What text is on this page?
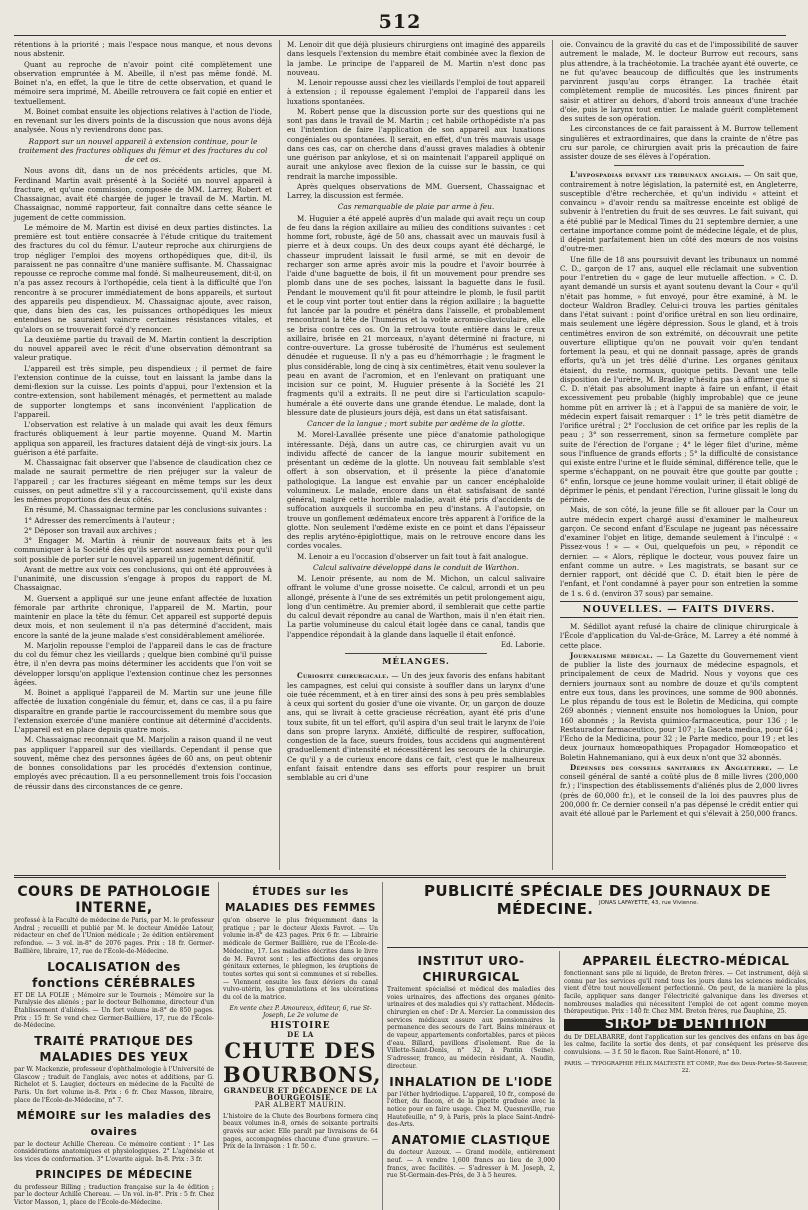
512

rétentions à la priorité ; mais l'espace nous manque, et nous devons nous abstenir.

Quant au reproche de n'avoir point cité complètement une observation empruntée à M. Abeille, il n'est pas même fondé. M. Boinet n'a, en effet, la que le titre de cette observation, et quand le mémoire sera imprimé, M. Abeille retrouvera ce fait copié en entier et textuellement.

M. Boinet combat ensuite les objections relatives à l'action de l'iode, en revenant sur les divers points de la discussion que nous avons déjà analysée. Nous n'y reviendrons donc pas.

Rapport sur un nouvel appareil à extension continue, pour le traitement des fractures obliques du fémur et des fractures du col de cet os.

Nous avons dit, dans un de nos précédents articles, que M. Ferdinand Martin avait présenté à la Société un nouvel appareil à fracture, et qu'une commission, composée de MM. Larrey, Robert et Chassaignac, avait été chargée de juger le travail de M. Martin. M. Chassaignac, nommé rapporteur, fait connaître dans cette séance le jugement de cette commission.

Le mémoire de M. Martin est divisé en deux parties distinctes. La première est tout entière consacrée à l'étude critique du traitement des fractures du col du fémur. L'auteur reproche aux chirurgiens de trop négliger l'emploi des moyens orthopédiques que, dit-il, ils paraissent ne pas connaître d'une manière suffisante. M. Chassaignac repousse ce reproche comme mal fondé. Si malheureusement, dit-il, on n'a pas assez recours à l'orthopédie, cela tient à la difficulté que l'on rencontre à se procurer immédiatement de bons appareils, et surtout des appareils peu dispendieux. M. Chassaignac ajoute, avec raison, que, dans bien des cas, les puissances orthopédiques les mieux entendues ne sauraient vaincre certaines résistances vitales, et qu'alors on se trouverait forcé d'y renoncer.

La deuxième partie du travail de M. Martin contient la description du nouvel appareil avec le récit d'une observation démontrant sa valeur pratique.

L'appareil est très simple, peu dispendieux ; il permet de faire l'extension continue de la cuisse, tout en laissant la jambe dans la demi-flexion sur la cuisse. Les points d'appui, pour l'extension et la contre-extension, sont habilement ménagés, et permettent au malade de supporter longtemps et sans inconvénient l'application de l'appareil.

L'observation est relative à un malade qui avait les deux fémurs fracturés obliquement à leur partie moyenne. Quand M. Martin appliqua son appareil, les fractures dataient déjà de vingt-six jours. La guérison a été parfaite.

M. Chassaignac fait observer que l'absence de claudication chez ce malade ne saurait permettre de rien préjuger sur la valeur de l'appareil ; car les fractures siégeant en même temps sur les deux cuisses, on peut admettre s'il y a raccourcissement, qu'il existe dans les mêmes proportions des deux côtés.

En résumé, M. Chassaignac termine par les conclusions suivantes :

1° Adresser des remercîments à l'auteur ;

2° Déposer son travail aux archives ;

3° Engager M. Martin à réunir de nouveaux faits et à les communiquer à la Société dès qu'ils seront assez nombreux pour qu'il soit possible de porter sur le nouvel appareil un jugement définitif.

Avant de mettre aux voix ces conclusions, qui ont été approuvées à l'unanimité, une discussion s'engage à propos du rapport de M. Chassaignac.

M. Guersent a appliqué sur une jeune enfant affectée de luxation fémorale par arthrite chronique, l'appareil de M. Martin, pour maintenir en place la tête du fémur. Cet appareil est supporté depuis deux mois, et non seulement il n'a pas déterminé d'accident, mais encore la santé de la jeune malade s'est considérablement améliorée.

M. Marjolin repousse l'emploi de l'appareil dans le cas de fracture du col du fémur chez les vieillards ; quelque bien combiné qu'il puisse être, il n'en devra pas moins déterminer les accidents que l'on voit se développer lorsqu'on applique l'extension continue chez les personnes âgées.

M. Boinet a appliqué l'appareil de M. Martin sur une jeune fille affectée de luxation congéniale du fémur, et, dans ce cas, il a pu faire disparaître en grande partie le raccourcissement du membre sous que l'extension exercée d'une manière continue ait déterminé d'accidents. L'appareil est en place depuis quatre mois.

M. Chassaignac reconnait que M. Marjolin a raison quand il ne veut pas appliquer l'appareil sur des vieillards. Cependant il pense que souvent, même chez des personnes âgées de 60 ans, on peut obtenir de bonnes consolidations par les procédés d'extension continue, employés avec précaution. Il a eu personnellement trois fois l'occasion de réussir dans des circonstances de ce genre.

M. Lenoir dit que déjà plusieurs chirurgiens ont imaginé des appareils dans lesquels l'extension du membre était combinée avec la flexion de la jambe. Le principe de l'appareil de M. Martin n'est donc pas nouveau.

M. Lenoir repousse aussi chez les vieillards l'emploi de tout appareil à extension ; il repousse également l'emploi de l'appareil dans les luxations spontanées.

M. Robert pense que la discussion porte sur des questions qui ne sont pas dans le travail de M. Martin ; cet habile orthopédiste n'a pas eu l'intention de faire l'application de son appareil aux luxations congéniales ou spontanées. Il serait, en effet, d'un très mauvais usage dans ces cas, car on cherche dans d'aussi graves maladies à obtenir une guérison par ankylose, et si on maintenait l'appareil appliqué on aurait une ankylose avec flexion de la cuisse sur le bassin, ce qui rendrait la marche impossible.

Après quelques observations de MM. Guersent, Chassaignac et Larrey, la discussion est fermée.

Cas remarquable de plaie par arme à feu.

M. Huguier a été appelé auprès d'un malade qui avait reçu un coup de feu dans la région axillaire au milieu des conditions suivantes : cet homme fort, robuste, âgé de 50 ans, chassait avec un mauvais fusil à pierre et à deux coups. Un des deux coups ayant été déchargé, le chasseur imprudent laissait le fusil armé, se mit en devoir de recharger son arme après avoir mis la poudre et l'avoir bourrée à l'aide d'une baguette de bois, il fit un mouvement pour prendre ses plomb dans une de ses poches, laissant la baguette dans le fusil. Pendant le mouvement qu'il fit pour atteindre le plomb, le fusil partit et le coup vint porter tout entier dans la région axillaire ; la baguette fut lancée par la poudre et pénétra dans l'aisselle, et probablement rencontrant la tête de l'humérus et la voûte acromio-claviculaire, elle se brisa contre ces os. On la retrouva toute entière dans le creux axillaire, brisée en 21 morceaux, n'ayant déterminé ni fracture, ni contre-ouverture. La grosse tubérosité de l'humérus est seulement dénudée et rugueuse. Il n'y a pas eu d'hémorrhagie ; le fragment le plus considérable, long de cinq à six centimètres, était venu soulever la peau en avant de l'acromion, et en l'enlevant on pratiquant une incision sur ce point, M. Huguier présente à la Société les 21 fragments qu'il a extraits. Il ne peut dire si l'articulation scapulo-humérale a été ouverte dans une grande étendue. Le malade, dont la blessure date de plusieurs jours déjà, est dans un état satisfaisant.

Cancer de la langue ; mort subite par œdème de la glotte.

M. Morel-Lavallée présente une pièce d'anatomie pathologique intéressante. Déjà, dans un autre cas, ce chirurgien avait vu un individu affecté de cancer de la langue mourir subitement en présentant un œdème de la glotte. Un nouveau fait semblable s'est offert à son observation, et il présente la pièce d'anatomie pathologique. La langue est envahie par un cancer encéphaloïde volumineux. Le malade, encore dans un état satisfaisant de santé général, malgré cette horrible maladie, avait été pris d'accidents de suffocation auxquels il succomba en peu d'instans. A l'autopsie, on trouve un gonflement œdémateux encore très apparent à l'orifice de la glotte. Non seulement l'œdème existe en ce point et dans l'épaisseur des replis aryténo-épiglottique, mais on le retrouve encore dans les cordes vocales.

M. Lenoir a eu l'occasion d'observer un fait tout à fait analogue.

Calcul salivaire développé dans le conduit de Warthon.

M. Lenoir présente, au nom de M. Michon, un calcul salivaire offrant le volume d'une grosse noisette. Ce calcul, arrondi et un peu allongé, présente à l'une de ses extrémités un petit prolongement aigu, long d'un centimètre. Au premier abord, il semblerait que cette partie du calcul devait répondre au canal de Warthon, mais il n'en était rien. La partie volumineuse du calcul était logée dans ce canal, tandis que l'appendice répondait à la glande dans laquelle il était enfoncé.

Ed. Laborie.
MÉLANGES.

Curiosité chirurgicale. — Un des jeux favoris des enfans habitant les campagnes, est celui qui consiste à souffler dans un larynx d'une oie tuée récemment, et à en tirer ainsi des sons à peu près semblables à ceux qui sortent du gosier d'une oie vivante. Or, un garçon de douze ans, qui se livrait à cette gracieuse récréation, ayant été pris d'une toux subite, fit un tel effort, qu'il aspira d'un seul trait le larynx de l'oie dans son propre larynx. Anxiété, difficulté de respirer, suffocation, congestion de la face, sueurs froides, tous accidens qui augmentèrent graduellement d'intensité et nécessitèrent les secours de la chirurgie. Ce qu'il y a de curieux encore dans ce fait, c'est que le malheureux enfant faisait entendre dans ses efforts pour respirer un bruit semblable au cri d'une

oie. Convaincu de la gravité du cas et de l'impossibilité de sauver autrement le malade, M. le docteur Burrow eut recours, sans plus attendre, à la trachéotomie. La trachée ayant été ouverte, ce ne fut qu'avec beaucoup de difficultés que les instruments parvinrent jusqu'au corps étranger. La trachée était complètement remplie de mucosités. Les pinces finirent par saisir et attirer au dehors, d'abord trois anneaux d'une trachée d'oie, puis le larynx tout entier. Le malade guérit complètement des suites de son opération.

Les circonstances de ce fait paraissent à M. Burrow tellement singulières et extraordinaires, que dans la crainte de n'être pas cru sur parole, ce chirurgien avait pris la précaution de faire assister douze de ses élèves à l'opération.

L'hypospadias devant les tribunaux anglais. — On sait que, contrairement à notre législation, la paternité est, en Angleterre, susceptible d'être recherchée, et qu'un individu « atteint et convaincu » d'avoir rendu sa maîtresse enceinte est obligé de subvenir à l'entretien du fruit de ses œuvres. Le fait suivant, qui a été publié par le Medical Times du 21 septembre dernier, a une certaine importance comme point de médecine légale, et de plus, il dépeint parfaitement bien un côté des mœurs de nos voisins d'outre-mer.

Une fille de 18 ans poursuivit devant les tribunaux un nommé C. D., garçon de 17 ans, auquel elle réclamait une subvention pour l'entretien du « gage de leur mutuelle affection. » C. D. ayant demandé un sursis et ayant soutenu devant la Cour « qu'il n'était pas homme, » fut envoyé, pour être examiné, à M. le docteur Waldron Bradley. Celui-ci trouva les parties génitales dans l'état suivant : point d'orifice urétral en son lieu ordinaire, mais seulement une légère dépression. Sous le gland, et à trois centimètres environ de son extrémité, on découvrait une petite ouverture elliptique qu'on ne pouvait voir qu'en tendant fortement la peau, et qui ne donnait passage, après de grands efforts, qu'à un jet très délié d'urine. Les organes génitaux étaient, du reste, normaux, quoique petits. Devant une telle disposition de l'urètre, M. Bradley n'hésita pas à affirmer que si C. D. n'était pas absolument inapte à faire un enfant, il était excessivement peu probable (highly improbable) que ce jeune homme pût en arriver là ; et à l'appui de sa manière de voir, le médecin expert faisait remarquer : 1° le très petit diamètre de l'orifice urétral ; 2° l'occlusion de cet orifice par les replis de la peau ; 3° son resserrement, sinon sa fermeture complète par suite de l'érection de l'organe ; 4° le léger filet d'urine, même sous l'influence de grands efforts ; 5° la difficulté de consistance qui existe entre l'urine et le fluide séminal, différence telle, que le sperme s'échappant, on ne pouvait être que goutte par goutte ; 6° enfin, lorsque ce jeune homme voulait uriner, il était obligé de déprimer le pénis, et pendant l'érection, l'urine glissait le long du périnée.

Mais, de son côté, la jeune fille se fit allouer par la Cour un autre médecin expert chargé aussi d'examiner le malheureux garçon. Ce second enfant d'Esculape ne jugeant pas nécessaire d'examiner l'objet en litige, demande seulement à l'inculpé : « Pissez-vous ! » — « Oui, quelquefois un peu, » répondit ce dernier. — « Alors, réplique le docteur, vous pouvez faire un enfant comme un autre. » Les magistrats, se basant sur ce dernier rapport, ont décidé que C. D. était bien le père de l'enfant, et l'ont condamné à payer pour son entretien la somme de 1 s. 6 d. (environ 37 sous) par semaine.

NOUVELLES. — FAITS DIVERS.

M. Sédillot ayant refusé la chaire de clinique chirurgicale à l'École d'application du Val-de-Grâce, M. Larrey a été nommé à cette place.

Journalisme médical. — La Gazette du Gouvernement vient de publier la liste des journaux de médecine espagnols, et principalement de ceux de Madrid. Nous y voyons que ces derniers journaux sont au nombre de douze et qu'ils comptent entre eux tous, dans les provinces, une somme de 900 abonnés. Le plus répandu de tous est le Boletin de Medicina, qui compte 269 abonnés ; viennent ensuite nos homologues la Union, pour 160 abonnés ; la Revista quimico-farmaceutica, pour 136 ; le Restaurador farmaceutico, pour 107 ; la Gaceta medica, pour 64 ; l'Echo de la Medicina, pour 32 ; le Parte medico, pour 19 ; et les deux journaux homœopathiques Propagador Homœopatico et Boletin Hahnemaniano, qui à eux deux n'ont que 32 abonnés.

Dépenses des conseils sanitaires en Angleterre. — Le conseil général de santé a coûté plus de 8 mille livres (200,000 fr.) ; l'inspection des établissements d'aliénés plus de 2,000 livres (près de 60,000 fr.), et le conseil de la loi des pauvres plus de 200,000 fr. Ce dernier conseil n'a pas dépensé le crédit entier qui avait été alloué par le Parlement et qui s'élevait à 250,000 francs.

COURS DE PATHOLOGIE INTERNE,
professé à la Faculté de médecine de Paris, par M. le professeur Andral ; recueilli et publié par M. le docteur Amédée Latour, rédacteur en chef de l'Union médicale ; 2e édition entièrement refondue. — 3 vol. in-8° de 2076 pages. Prix : 18 fr. Germer-Baillière, libraire, 17, rue de l'École-de-Médecine.
LOCALISATION des fonctions CÉRÉBRALES
ET DE LA FOLIE ; Mémoire sur le Tournois ; Mémoire sur la Paralysie des aliénés ; par le docteur Belhomme, directeur d'un Établissement d'aliénés. — Un fort volume in-8° de 850 pages. Prix : 15 fr. Se vend chez Germer-Baillière, 17, rue de l'École-de-Médecine.
TRAITÉ PRATIQUE DES MALADIES DES YEUX
par W. Mackenzie, professeur d'ophthalmologie à l'Université de Glascow ; traduit de l'anglais, avec notes et additions, par G. Richelot et S. Laugier, docteurs en médecine de la Faculté de Paris. Un fort volume in-8. Prix : 6 fr. Chez Masson, libraire, place de l'École-de-Médecine, n° 7.
MÉMOIRE sur les maladies des ovaires
par le docteur Achille Chereau. Ce mémoire contient : 1° Les considérations anatomiques et physiologiques. 2° L'agénésie et les vices de conformation. 3° L'ovarite aiguë. In-8. Prix : 3 fr.
PRINCIPES DE MÉDECINE
du professeur Billing ; traduction française sur la 4e édition ; par le docteur Achille Chereau. — Un vol. in-8°. Prix : 5 fr. Chez Victor Masson, 1, place de l'École-de-Médecine.
ÉTUDES sur les MALADIES DES FEMMES
qu'on observe le plus fréquemment dans la pratique ; par le docteur Alexis Favrot. — Un volume in-8° de 423 pages. Prix 6 fr. — Librairie médicale de Germer Baillière, rue de l'École-de-Médecine, 17. Les maladies décrites dans le livre de M. Favrot sont : les affections des organes génitaux externes, le phlegmon, les éruptions de toutes sortes qui sont si communes et si rebelles. — Viennent ensuite les faux déviers du canal vulvo-utérin, les granulations et les ulcérations du col de la matrice.
En vente chez P. Amoureux, éditeur, 6, rue St-Joseph, Le 2e volume de
HISTOIRE
DE LA
CHUTE DES BOURBONS,
GRANDEUR ET DÉCADENCE DE LA BOURGEOISIE.
PAR ALBERT MAURIN.
L'histoire de la Chute des Bourbons formera cinq beaux volumes in-8, ornés de soixante portraits gravés sur acier. Elle paraît par livraisons de 64 pages, accompagnées chacune d'une gravure. — Prix de la livraison : 1 fr. 50 c.
PUBLICITÉ SPÉCIALE DES JOURNAUX DE MÉDECINE. $^{JONAS LAFAYETTE, 43, rue Vivienne.}$
INSTITUT URO-CHIRURGICAL
Traitement spécialisé et médical des maladies des voies urinaires, des affections des organes génito-urinaires et des maladies qui s'y rattachent. Médecin-chirurgien en chef : Dr A. Mercier. La commission des services médicaux assure aux pensionnaires la permanence des secours de l'art. Bains minéraux et de vapeur, appartements confortables, parcs et pièces d'eau. Billard, pavillons d'isolement. Rue de la Villette-Saint-Denis, n° 32, à Pantin (Seine). S'adresser, franco, au médecin résidant, A. Naudin, directeur.
INHALATION DE L'IODE
par l'éther hydriodique. L'appareil, 10 fr., composé de l'éther, du flacon, et de la pipette graduée avec la notice pour en faire usage. Chez M. Quesneville, rue Hautefeuille, n° 9, à Paris, près la place Saint-André-des-Arts.
ANATOMIE CLASTIQUE
du docteur Auzoux. — Grand modèle, entièrement neuf. — A vendre 1,600 francs au lieu de 3,000 francs, avec facilités. — S'adresser à M. Joseph, 2, rue St-Germain-des-Prés, de 3 à 5 heures.
APPAREIL ÉLECTRO-MÉDICAL
fonctionnant sans pile ni liquide, de Breton frères. — Cet instrument, déjà si connu par les services qu'il rend tous les jours dans les sciences médicales, vient d'être tout nouvellement perfectionné. On peut, de la manière la plus facile, appliquer sans danger l'électricité galvanique dans les diverses et nombreuses maladies qui nécessitent l'emploi de cet agent comme moyen thérapeutique. Prix : 140 fr. Chez MM. Breton frères, rue Dauphine, 25.
SIROP DE DENTITION
du Dr DELABARRE, dont l'application sur les gencives des enfans en bas âge les calme, facilite la sortie des dents, et par conséquent les préserve des convulsions. — 3 f. 50 le flacon. Rue Saint-Honoré, n° 10.
PARIS. — TYPOGRAPHIE FÉLIX MALTESTE ET COMP., Rue des Deux-Portes-St-Sauveur, 22.
